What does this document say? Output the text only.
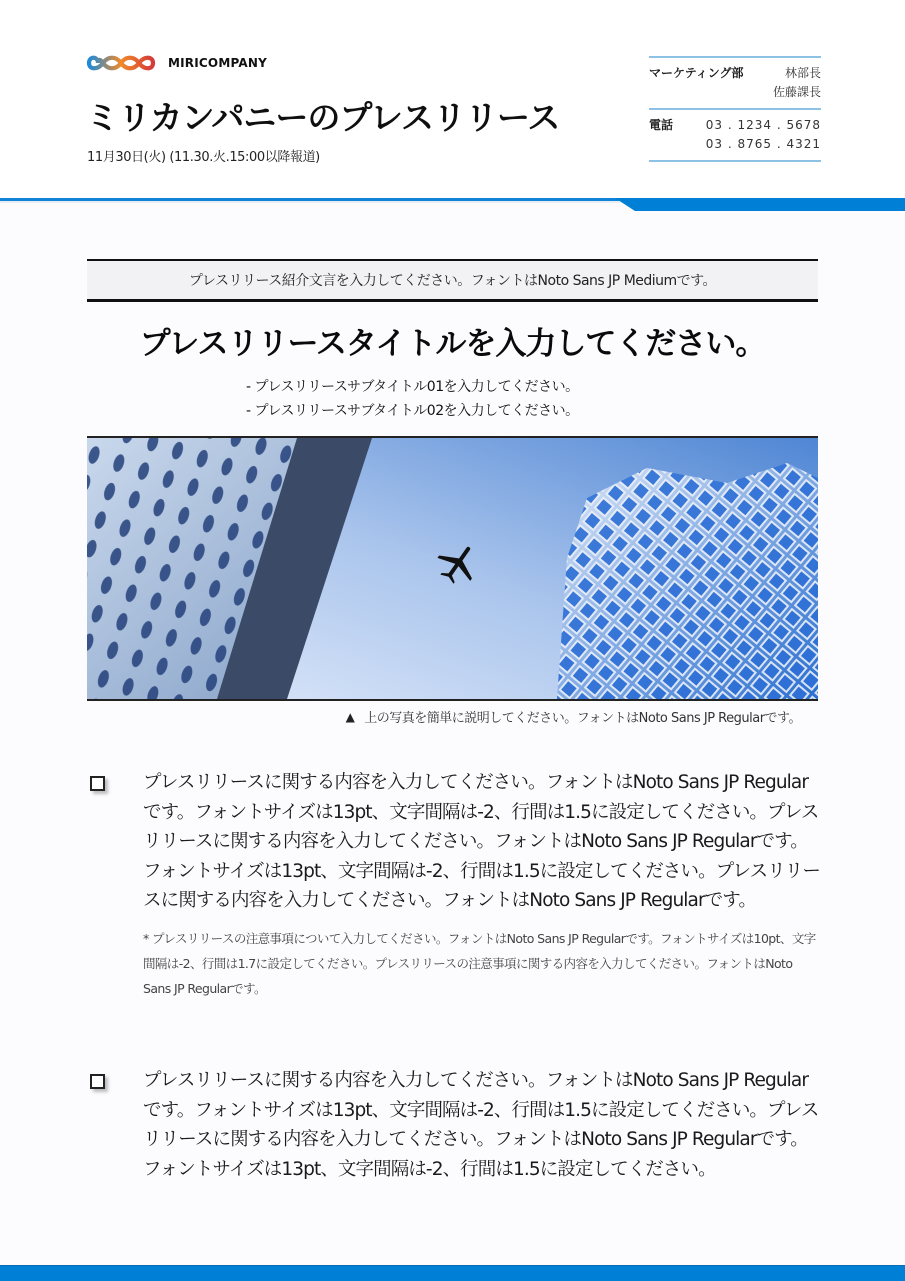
MIRICOMPANY
ミリカンパニーのプレスリリース
11月30日(火) (11.30.火.15:00以降報道)
マーケティング部	林部長
佐藤課長
電話	03 . 1234 . 5678
03 . 8765 . 4321
プレスリリース紹介文言を入力してください。フォントはNoto Sans JP Mediumです。
プレスリリースタイトルを入力してください。
- プレスリリースサブタイトル01を入力してください。
- プレスリリースサブタイトル02を入力してください。
▲ 上の写真を簡単に説明してください。フォントはNoto Sans JP Regularです。
プレスリリースに関する内容を入力してください。フォントはNoto Sans JP Regularです。フォントサイズは13pt、文字間隔は-2、行間は1.5に設定してください。プレスリリースに関する内容を入力してください。フォントはNoto Sans JP Regularです。フォントサイズは13pt、文字間隔は-2、行間は1.5に設定してください。プレスリリースに関する内容を入力してください。フォントはNoto Sans JP Regularです。
* プレスリリースの注意事項について入力してください。フォントはNoto Sans JP Regularです。フォントサイズは10pt、文字間隔は-2、行間は1.7に設定してください。プレスリリースの注意事項に関する内容を入力してください。フォントはNoto Sans JP Regularです。
プレスリリースに関する内容を入力してください。フォントはNoto Sans JP Regularです。フォントサイズは13pt、文字間隔は-2、行間は1.5に設定してください。プレスリリースに関する内容を入力してください。フォントはNoto Sans JP Regularです。フォントサイズは13pt、文字間隔は-2、行間は1.5に設定してください。
